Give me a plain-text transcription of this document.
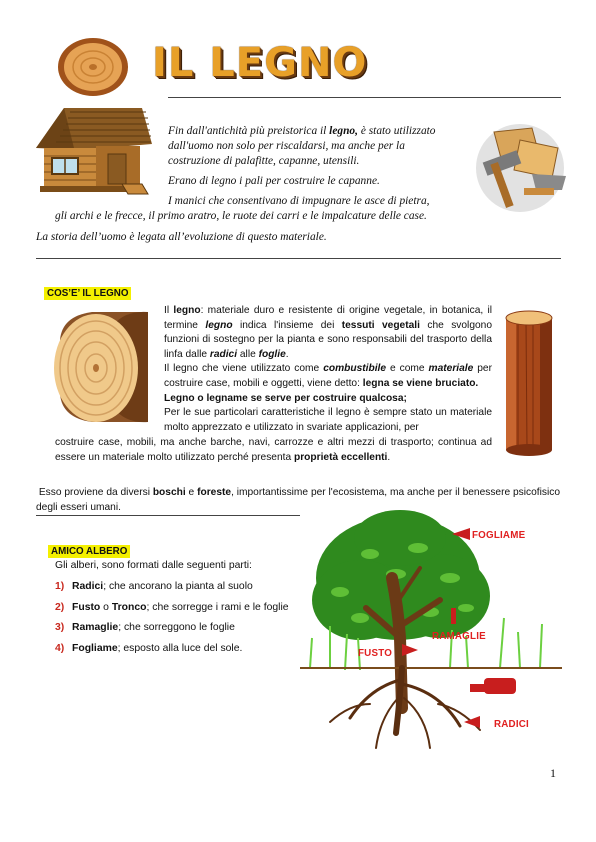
IL LEGNO
Fin dall'antichità più preistorica il legno, è stato utilizzato dall'uomo non solo per riscaldarsi, ma anche per la costruzione di palafitte, capanne, utensili.
Erano di legno i pali per costruire le capanne.
I manici che consentivano di impugnare le asce di pietra,
gli archi e le frecce, il primo aratro, le ruote dei carri e le impalcature delle case.
La storia dell’uomo è legata all’evoluzione di questo materiale.
COS’E’ IL LEGNO
Il legno: materiale duro e resistente di origine vegetale, in botanica, il termine legno indica l'insieme dei tessuti vegetali che svolgono funzioni di sostegno per la pianta e sono responsabili del trasporto della linfa dalle radici alle foglie.
Il legno che viene utilizzato come combustibile e come materiale per costruire case, mobili e oggetti, viene detto: legna se viene bruciato.
Legno o legname se serve per costruire qualcosa;
Per le sue particolari caratteristiche il legno è sempre stato un materiale molto apprezzato e utilizzato in svariate applicazioni, per
costruire case, mobili, ma anche barche, navi, carrozze e altri mezzi di trasporto; continua ad essere un materiale molto utilizzato perché presenta proprietà eccellenti.
Esso proviene da diversi boschi e foreste, importantissime per l'ecosistema, ma anche per il benessere psicofisico degli esseri umani.
AMICO ALBERO
Gli alberi, sono formati dalle seguenti parti:
1) Radici; che ancorano la pianta al suolo
2) Fusto o Tronco; che sorregge i rami e le foglie
3) Ramaglie; che sorreggono le foglie
4) Fogliame; esposto alla luce del sole.
FOGLIAME
RAMAGLIE
FUSTO
RADICI
1
